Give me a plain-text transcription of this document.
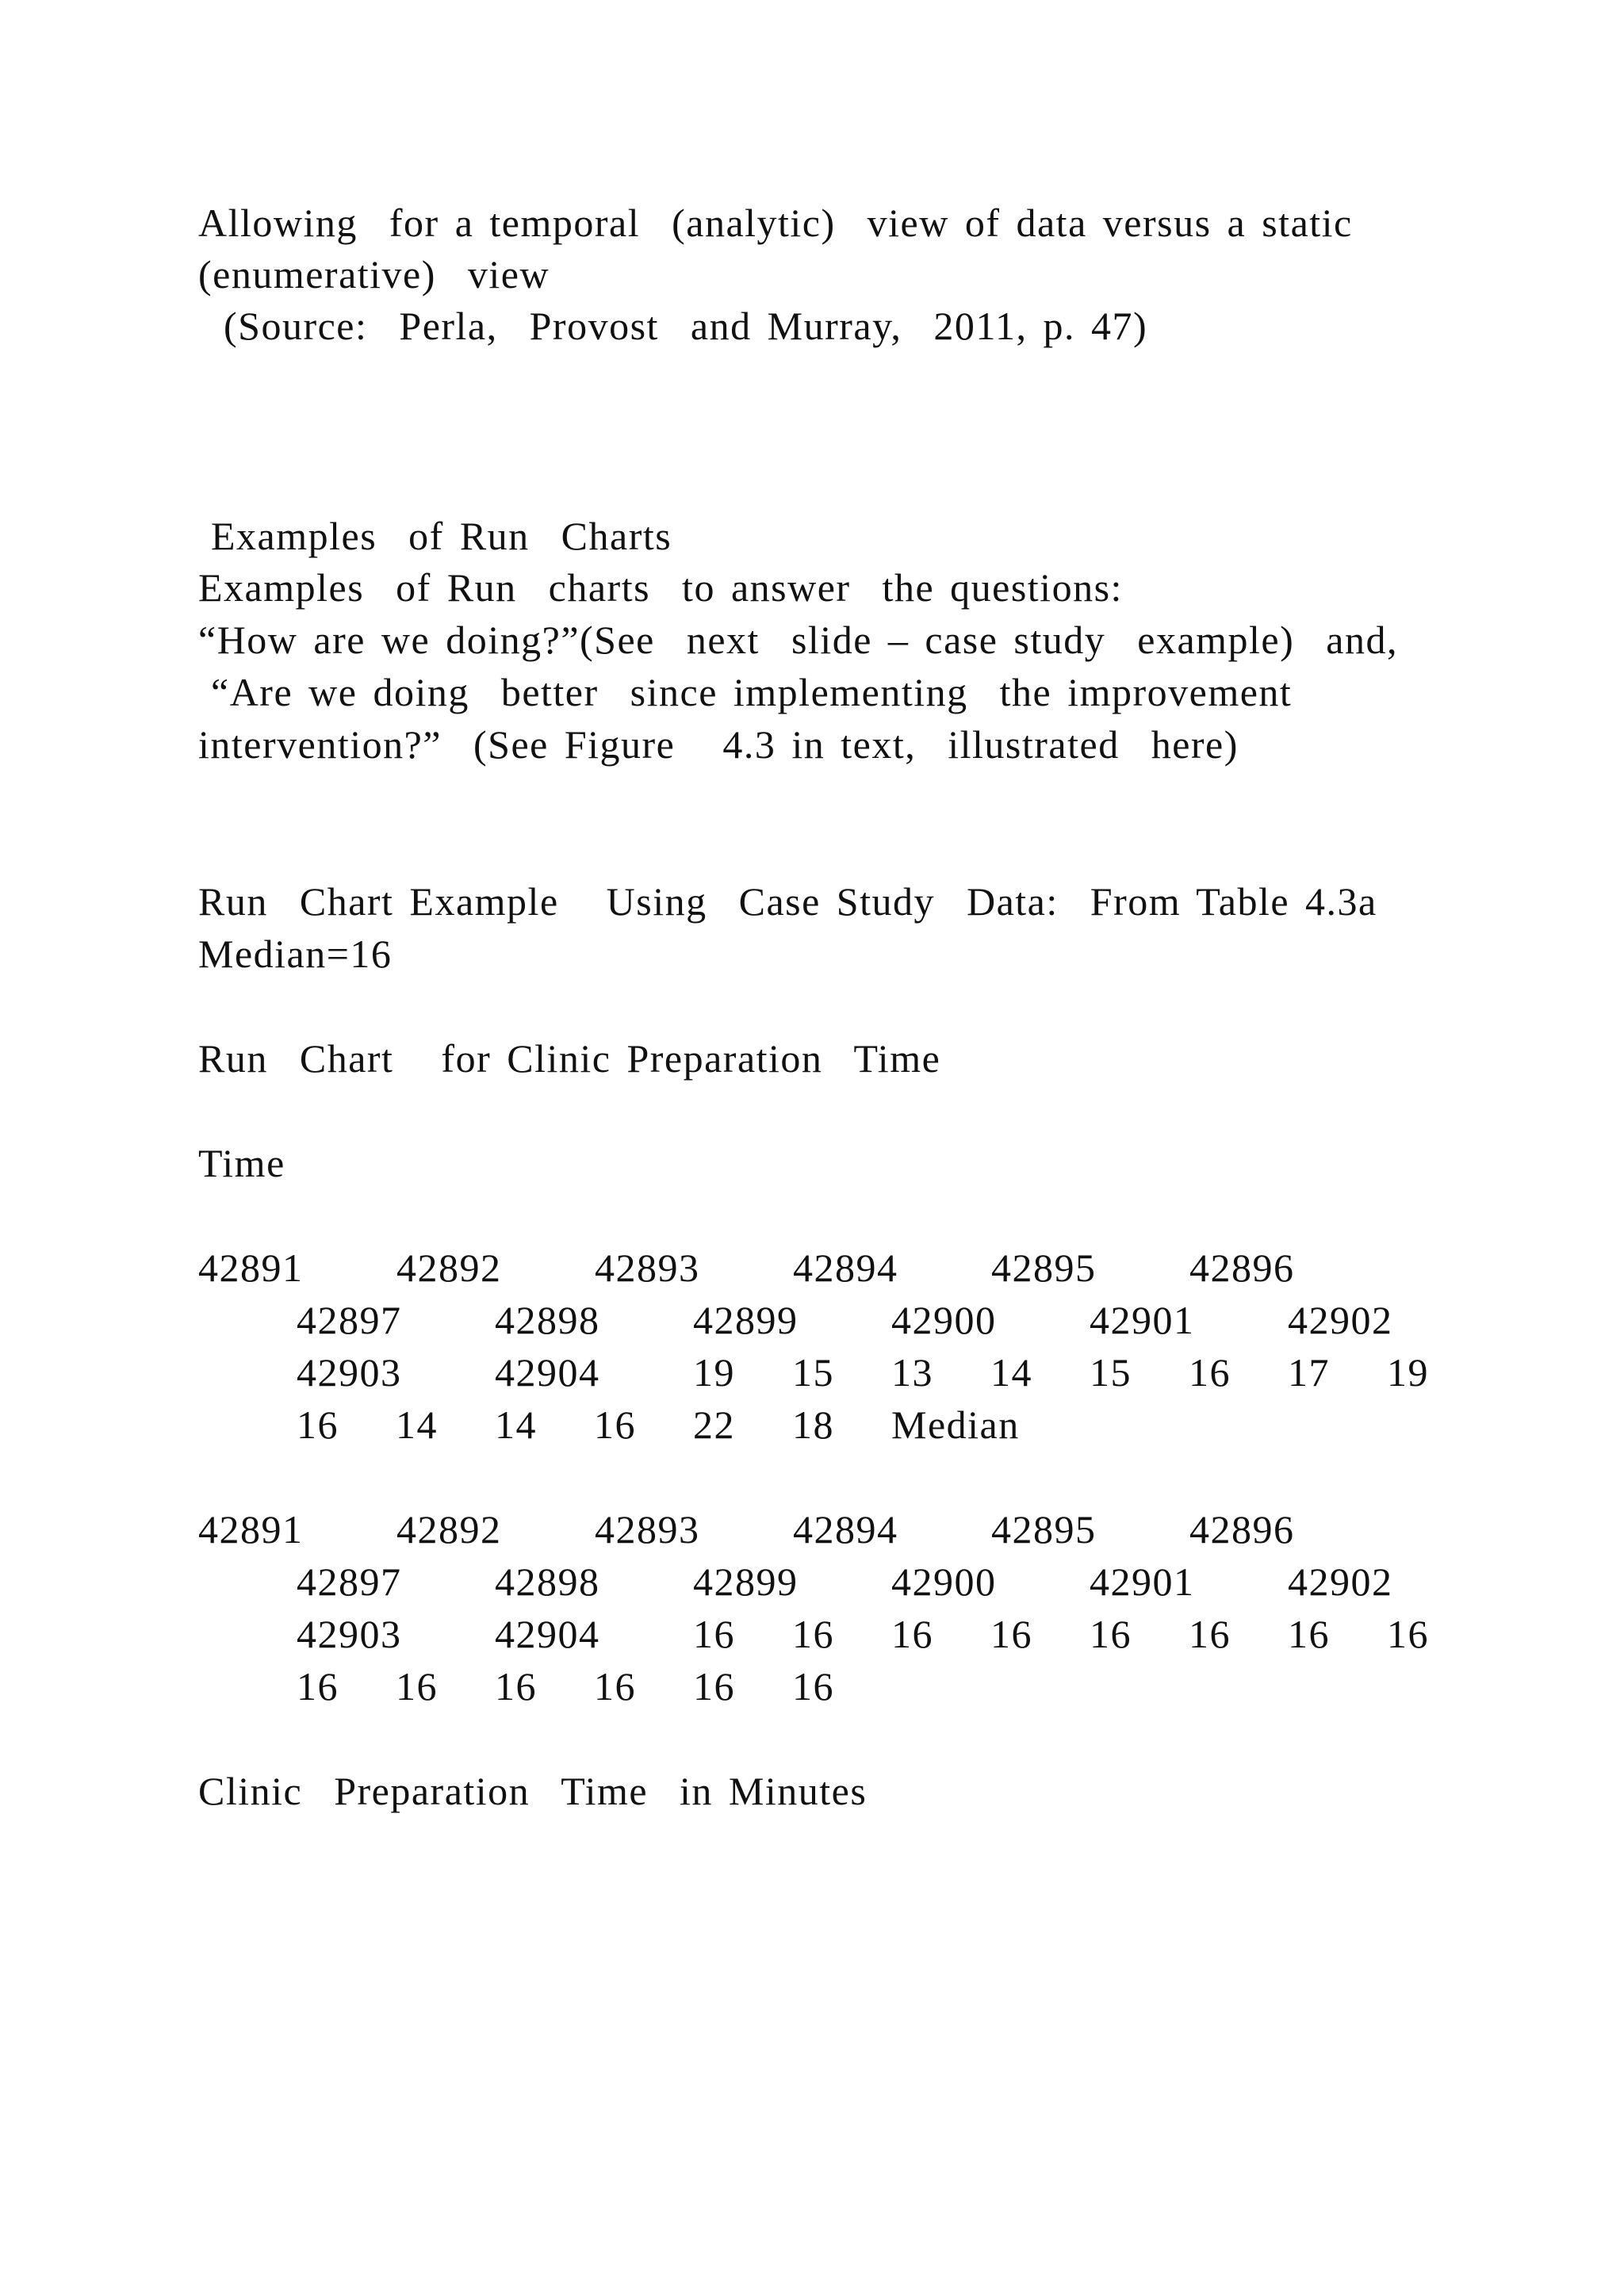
Allowing  for a temporal  (analytic)  view of data versus a static
(enumerative)  view
(Source:  Perla,  Provost  and Murray,  2011, p. 47)
Examples  of Run  Charts
Examples  of Run  charts  to answer  the questions:
“How are we doing?”(See  next  slide – case study  example)  and,
“Are we doing  better  since implementing  the improvement
intervention?”  (See Figure   4.3 in text,  illustrated  here)
Run  Chart Example   Using  Case Study  Data:  From Table 4.3a
Median=16
Run  Chart   for Clinic Preparation  Time
Time
42891 42892 42893 42894 42895 42896
42897 42898 42899 42900 42901 42902
42903 42904 19 15 13 14 15 16 17 19
16 14 14 16 22 18 Median
42891 42892 42893 42894 42895 42896
42897 42898 42899 42900 42901 42902
42903 42904 16 16 16 16 16 16 16 16
16 16 16 16 16 16
Clinic  Preparation  Time  in Minutes
